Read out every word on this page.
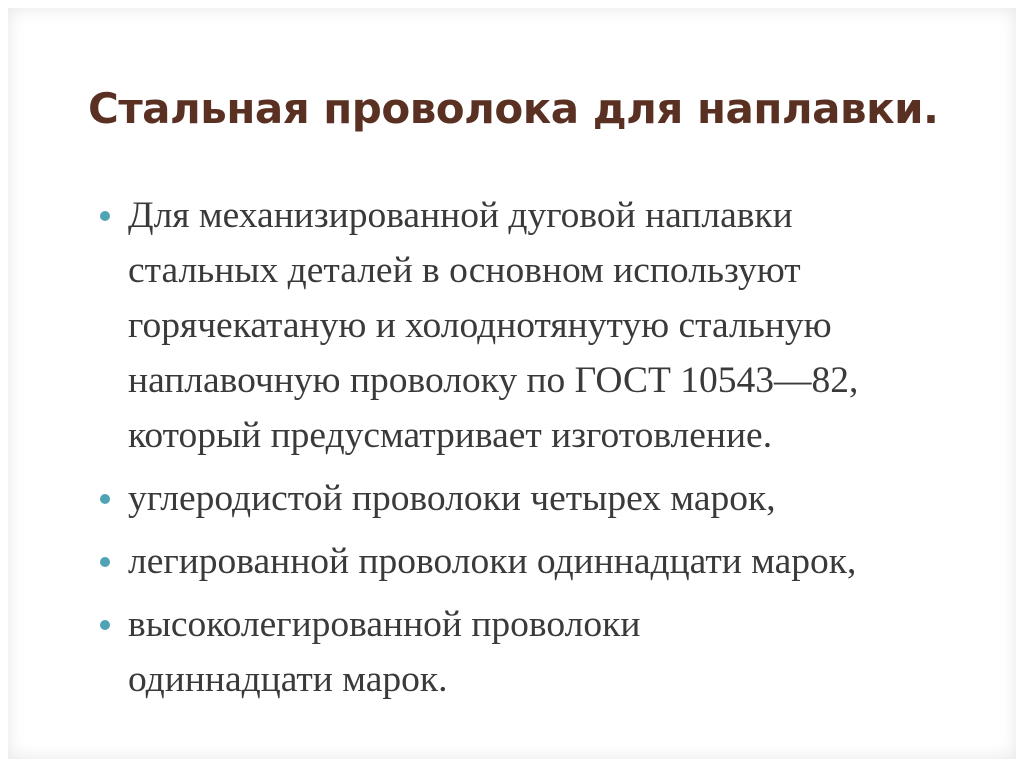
Стальная проволока для наплавки.
Для механизированной дуговой наплавки
стальных деталей в основном используют
горячекатаную и холоднотянутую стальную
наплавочную проволоку по ГОСТ 10543—82,
который предусматривает изготовление.
углеродистой проволоки четырех марок,
легированной проволоки одиннадцати марок,
высоколегированной проволоки
одиннадцати марок.
